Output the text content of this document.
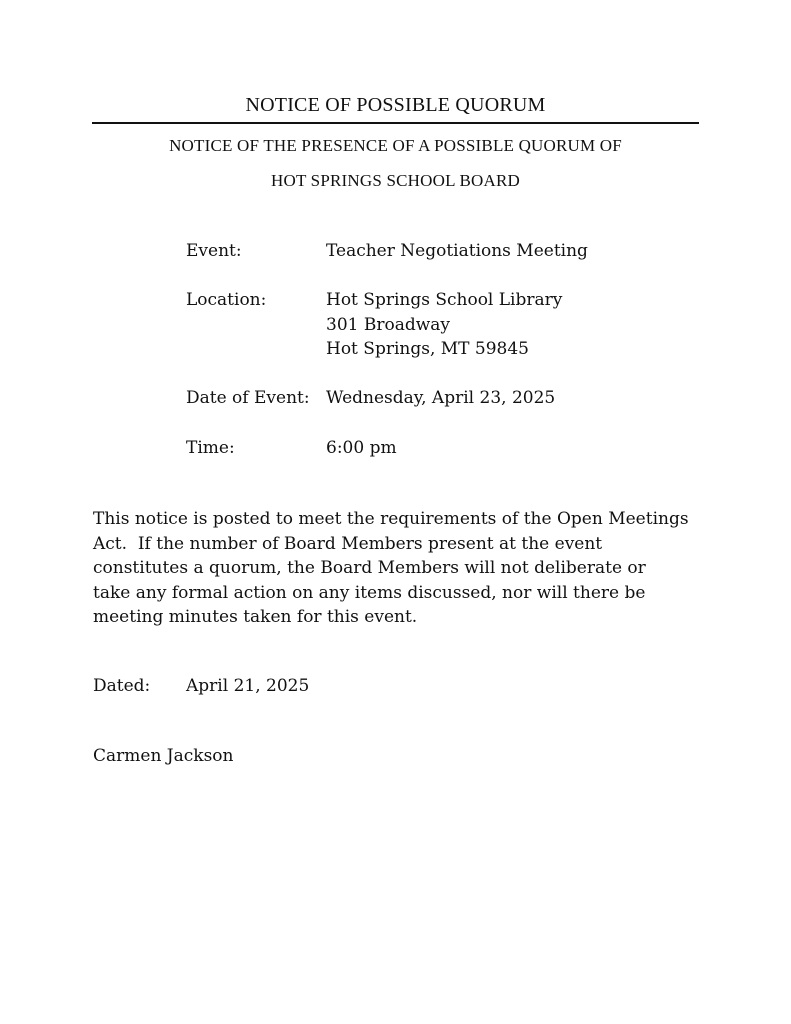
NOTICE OF POSSIBLE QUORUM
NOTICE OF THE PRESENCE OF A POSSIBLE QUORUM OF
HOT SPRINGS SCHOOL BOARD
Event:	Teacher Negotiations Meeting
Location:	Hot Springs School Library
301 Broadway
Hot Springs, MT 59845
Date of Event: Wednesday, April 23, 2025
Time:	6:00 pm
This notice is posted to meet the requirements of the Open Meetings
Act.  If the number of Board Members present at the event
constitutes a quorum, the Board Members will not deliberate or
take any formal action on any items discussed, nor will there be
meeting minutes taken for this event.
Dated: April 21, 2025
Carmen Jackson
